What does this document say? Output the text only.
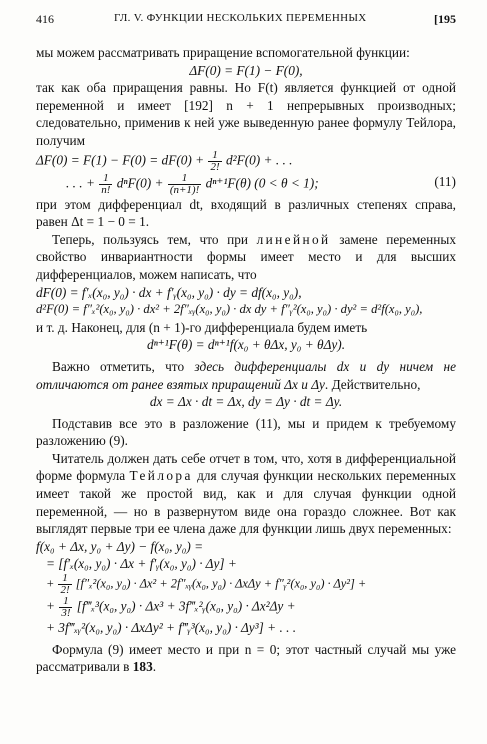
416	ГЛ. V. ФУНКЦИИ НЕСКОЛЬКИХ ПЕРЕМЕННЫХ	[195

мы можем рассматривать приращение вспомогательной функции:

ΔF(0) = F(1) − F(0),

так как оба приращения равны. Но F(t) является функцией от одной переменной и имеет [192] n + 1 непрерывных производных; следовательно, применив к ней уже выведенную ранее формулу Тейлора, получим

$\Delta F(0) = F(1) - F(0) = dF(0) + \frac{1}{2!} d^2F(0)$ + . . .
. . . + $\frac{1}{n!} d^nF(0) + \frac{1}{(n+1)!} d^{n+1}F(\theta) (0 < \theta < 1)$;	(11)

при этом дифференциал dt, входящий в различных степенях справа, равен Δt = 1 − 0 = 1.

Теперь, пользуясь тем, что при линейной замене переменных свойство инвариантности формы имеет место и для высших дифференциалов, можем написать, что

dF(0) = f′ₓ(x₀, y₀) · dx + f′ᵧ(x₀, y₀) · dy = df(x₀, y₀),
d²F(0) = f″ₓ²(x₀, y₀) · dx² + 2f″ₓᵧ(x₀, y₀) · dx dy + f″ᵧ²(x₀, y₀) · dy² = d²f(x₀, y₀),

и т. д. Наконец, для (n + 1)-го дифференциала будем иметь

dⁿ⁺¹F(θ) = dⁿ⁺¹f(x₀ + θΔx, y₀ + θΔy).

Важно отметить, что здесь дифференциалы dx и dy ничем не отличаются от ранее взятых приращений Δx и Δy. Действительно,

dx = Δx · dt = Δx, dy = Δy · dt = Δy.

Подставив все это в разложение (11), мы и придем к требуемому разложению (9).

Читатель должен дать себе отчет в том, что, хотя в дифференциальной форме формула Тейлора для случая функции нескольких переменных имеет такой же простой вид, как и для случая функции одной переменной, — но в развернутом виде она гораздо сложнее. Вот как выглядят первые три ее члена даже для функции лишь двух переменных:

f(x₀ + Δx, y₀ + Δy) − f(x₀, y₀) =
= [f′ₓ(x₀, y₀) · Δx + f′ᵧ(x₀, y₀) · Δy] +
+ $\frac{1}{2!} [f''_x^2(x_0$, y₀) · Δx² + 2f″ₓᵧ(x₀, y₀) · ΔxΔy + f″ᵧ²(x₀, y₀) · Δy²] +
+ $\frac{1}{3!}$ [f‴ₓ³(x₀, y₀) · Δx³ + 3f‴ₓ²ᵧ(x₀, y₀) · Δx²Δy +
+ 3f‴ₓᵧ²(x₀, y₀) · ΔxΔy² + f‴ᵧ³(x₀, y₀) · Δy³] + . . .

Формула (9) имеет место и при n = 0; этот частный случай мы уже рассматривали в 183.
